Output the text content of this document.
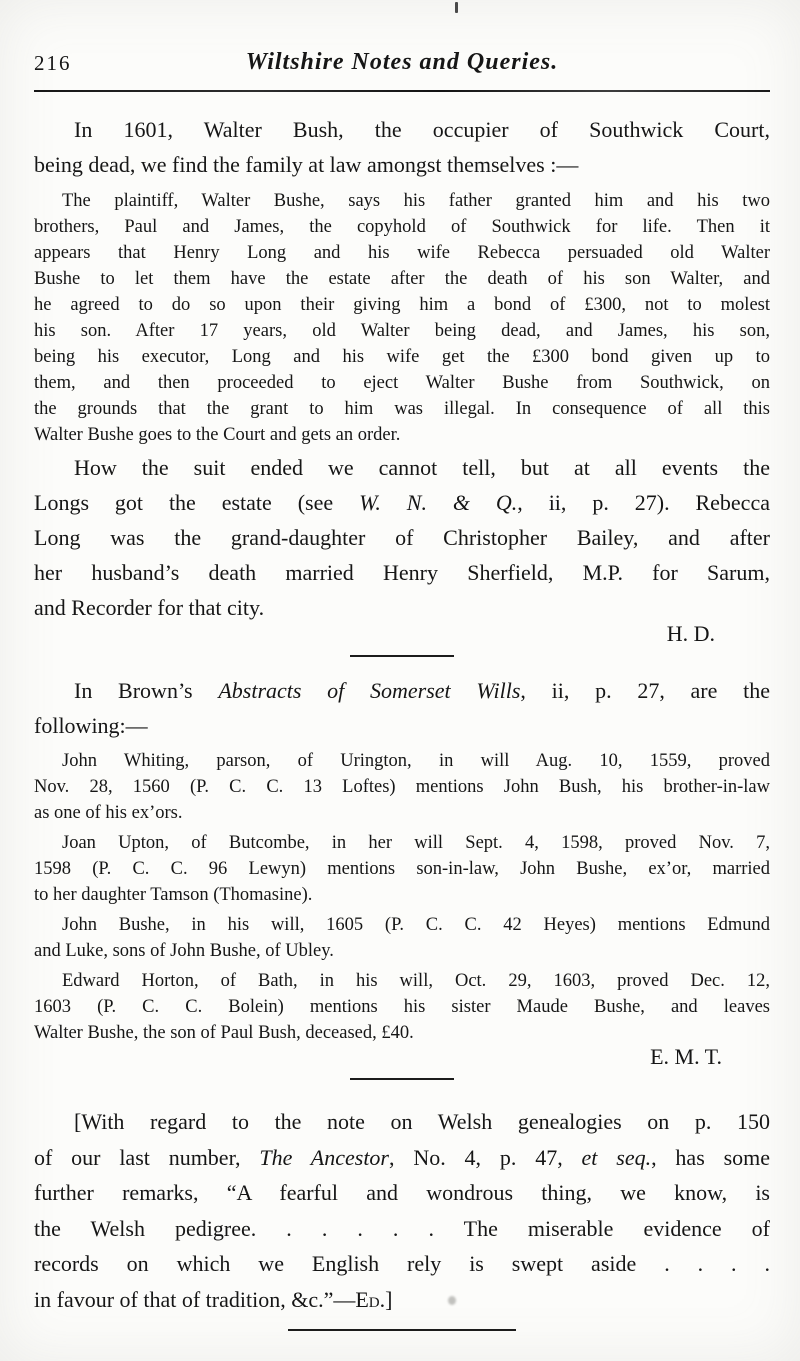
216	Wiltshire Notes and Queries.
In 1601, Walter Bush, the occupier of Southwick Court,
being dead, we find the family at law amongst themselves :—
The plaintiff, Walter Bushe, says his father granted him and his two
brothers, Paul and James, the copyhold of Southwick for life. Then it
appears that Henry Long and his wife Rebecca persuaded old Walter
Bushe to let them have the estate after the death of his son Walter, and
he agreed to do so upon their giving him a bond of £300, not to molest
his son. After 17 years, old Walter being dead, and James, his son,
being his executor, Long and his wife get the £300 bond given up to
them, and then proceeded to eject Walter Bushe from Southwick, on
the grounds that the grant to him was illegal. In consequence of all this
Walter Bushe goes to the Court and gets an order.
How the suit ended we cannot tell, but at all events the
Longs got the estate (see W. N. & Q., ii, p. 27). Rebecca
Long was the grand-daughter of Christopher Bailey, and after
her husband’s death married Henry Sherfield, M.P. for Sarum,
and Recorder for that city.
H. D.
In Brown’s Abstracts of Somerset Wills, ii, p. 27, are the
following:—
John Whiting, parson, of Urington, in will Aug. 10, 1559, proved
Nov. 28, 1560 (P. C. C. 13 Loftes) mentions John Bush, his brother-in-law
as one of his ex’ors.
Joan Upton, of Butcombe, in her will Sept. 4, 1598, proved Nov. 7,
1598 (P. C. C. 96 Lewyn) mentions son-in-law, John Bushe, ex’or, married
to her daughter Tamson (Thomasine).
John Bushe, in his will, 1605 (P. C. C. 42 Heyes) mentions Edmund
and Luke, sons of John Bushe, of Ubley.
Edward Horton, of Bath, in his will, Oct. 29, 1603, proved Dec. 12,
1603 (P. C. C. Bolein) mentions his sister Maude Bushe, and leaves
Walter Bushe, the son of Paul Bush, deceased, £40.
E. M. T.
[With regard to the note on Welsh genealogies on p. 150
of our last number, The Ancestor, No. 4, p. 47, et seq., has some
further remarks, “A fearful and wondrous thing, we know, is
the Welsh pedigree. . . . . . The miserable evidence of
records on which we English rely is swept aside . . . .
in favour of that of tradition, &c.”—Ed.]
